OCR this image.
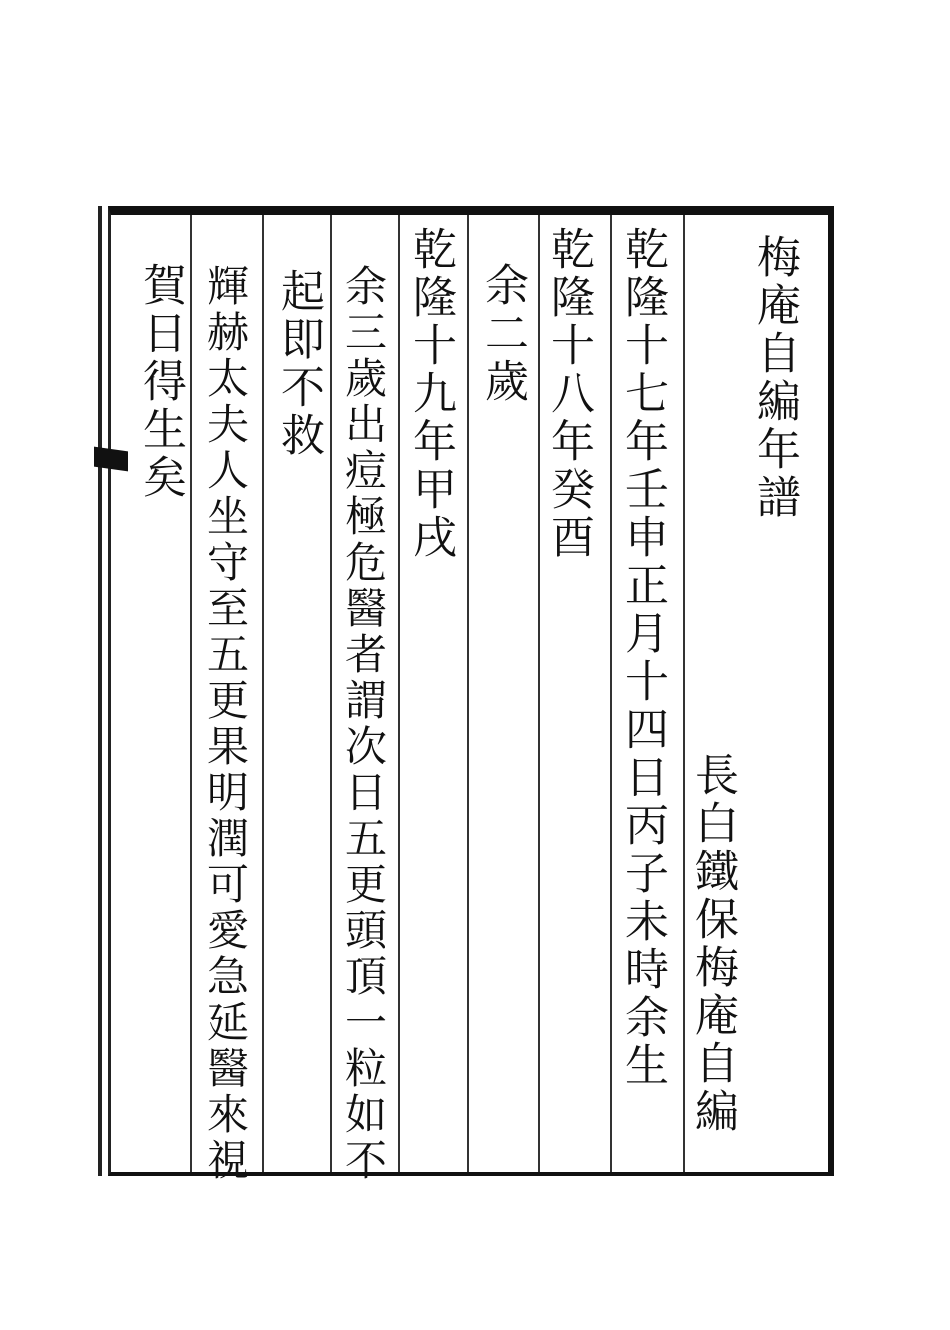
梅庵自編年譜
長白鐵保梅庵自編
乾隆十七年壬申正月十四日丙子未時余生
乾隆十八年癸酉
余二歲
乾隆十九年甲戌
余三歲出痘極危醫者謂次日五更頭頂一粒如不
起即不救
輝赫太夫人坐守至五更果明潤可愛急延醫來視
賀日得生矣
